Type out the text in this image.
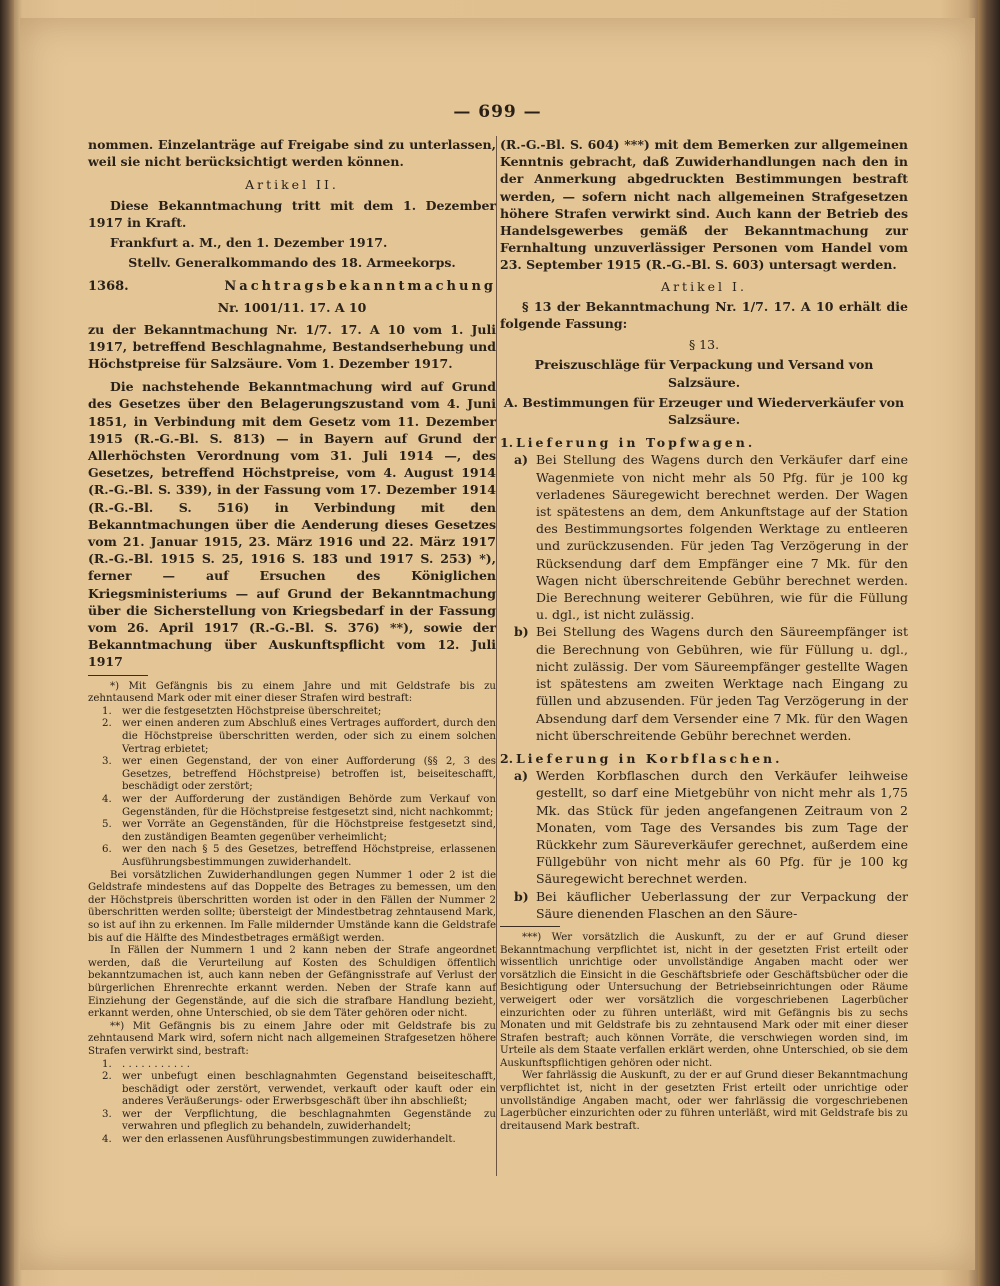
— 699 —

nommen. Einzelanträge auf Freigabe sind zu unterlassen, weil sie nicht berücksichtigt werden können.

Artikel II.

Diese Bekanntmachung tritt mit dem 1. Dezember 1917 in Kraft.

Frankfurt a. M., den 1. Dezember 1917.

Stellv. Generalkommando des 18. Armeekorps.

1368.	Nachtragsbekanntmachung

Nr. 1001/11. 17. A 10

zu der Bekanntmachung Nr. 1/7. 17. A 10 vom 1. Juli 1917, betreffend Beschlagnahme, Bestandserhebung und Höchstpreise für Salzsäure. Vom 1. Dezember 1917.

Die nachstehende Bekanntmachung wird auf Grund des Gesetzes über den Belagerungszustand vom 4. Juni 1851, in Verbindung mit dem Gesetz vom 11. Dezember 1915 (R.-G.-Bl. S. 813) — in Bayern auf Grund der Allerhöchsten Verordnung vom 31. Juli 1914 —, des Gesetzes, betreffend Höchstpreise, vom 4. August 1914 (R.-G.-Bl. S. 339), in der Fassung vom 17. Dezember 1914 (R.-G.-Bl. S. 516) in Verbindung mit den Bekanntmachungen über die Aenderung dieses Gesetzes vom 21. Januar 1915, 23. März 1916 und 22. März 1917 (R.-G.-Bl. 1915 S. 25, 1916 S. 183 und 1917 S. 253) *), ferner — auf Ersuchen des Königlichen Kriegsministeriums — auf Grund der Bekanntmachung über die Sicherstellung von Kriegsbedarf in der Fassung vom 26. April 1917 (R.-G.-Bl. S. 376) **), sowie der Bekanntmachung über Auskunftspflicht vom 12. Juli 1917

*) Mit Gefängnis bis zu einem Jahre und mit Geldstrafe bis zu zehntausend Mark oder mit einer dieser Strafen wird bestraft:

1.	wer die festgesetzten Höchstpreise überschreitet;
2.	wer einen anderen zum Abschluß eines Vertrages auffordert, durch den die Höchstpreise überschritten werden, oder sich zu einem solchen Vertrag erbietet;
3.	wer einen Gegenstand, der von einer Aufforderung (§§ 2, 3 des Gesetzes, betreffend Höchstpreise) betroffen ist, beiseiteschafft, beschädigt oder zerstört;
4.	wer der Aufforderung der zuständigen Behörde zum Verkauf von Gegenständen, für die Höchstpreise festgesetzt sind, nicht nachkommt;
5.	wer Vorräte an Gegenständen, für die Höchstpreise festgesetzt sind, den zuständigen Beamten gegenüber verheimlicht;
6.	wer den nach § 5 des Gesetzes, betreffend Höchstpreise, erlassenen Ausführungsbestimmungen zuwiderhandelt.

Bei vorsätzlichen Zuwiderhandlungen gegen Nummer 1 oder 2 ist die Geldstrafe mindestens auf das Doppelte des Betrages zu bemessen, um den der Höchstpreis überschritten worden ist oder in den Fällen der Nummer 2 überschritten werden sollte; übersteigt der Mindestbetrag zehntausend Mark, so ist auf ihn zu erkennen. Im Falle mildernder Umstände kann die Geldstrafe bis auf die Hälfte des Mindestbetrages ermäßigt werden.

In Fällen der Nummern 1 und 2 kann neben der Strafe angeordnet werden, daß die Verurteilung auf Kosten des Schuldigen öffentlich bekanntzumachen ist, auch kann neben der Gefängnisstrafe auf Verlust der bürgerlichen Ehrenrechte erkannt werden. Neben der Strafe kann auf Einziehung der Gegenstände, auf die sich die strafbare Handlung bezieht, erkannt werden, ohne Unterschied, ob sie dem Täter gehören oder nicht.

**) Mit Gefängnis bis zu einem Jahre oder mit Geldstrafe bis zu zehntausend Mark wird, sofern nicht nach allgemeinen Strafgesetzen höhere Strafen verwirkt sind, bestraft:

1.	. . . . . . . . . . .
2.	wer unbefugt einen beschlagnahmten Gegenstand beiseiteschafft, beschädigt oder zerstört, verwendet, verkauft oder kauft oder ein anderes Veräußerungs- oder Erwerbsgeschäft über ihn abschließt;
3.	wer der Verpflichtung, die beschlagnahmten Gegenstände zu verwahren und pfleglich zu behandeln, zuwiderhandelt;
4.	wer den erlassenen Ausführungsbestimmungen zuwiderhandelt.

(R.-G.-Bl. S. 604) ***) mit dem Bemerken zur allgemeinen Kenntnis gebracht, daß Zuwiderhandlungen nach den in der Anmerkung abgedruckten Bestimmungen bestraft werden, — sofern nicht nach allgemeinen Strafgesetzen höhere Strafen verwirkt sind. Auch kann der Betrieb des Handelsgewerbes gemäß der Bekanntmachung zur Fernhaltung unzuverlässiger Personen vom Handel vom 23. September 1915 (R.-G.-Bl. S. 603) untersagt werden.

Artikel I.

§ 13 der Bekanntmachung Nr. 1/7. 17. A 10 erhält die folgende Fassung:

§ 13.

Preiszuschläge für Verpackung und Versand von Salzsäure.

A. Bestimmungen für Erzeuger und Wiederverkäufer von Salzsäure.

1. Lieferung in Topfwagen.
a) Bei Stellung des Wagens durch den Verkäufer darf eine Wagenmiete von nicht mehr als 50 Pfg. für je 100 kg verladenes Säuregewicht berechnet werden. Der Wagen ist spätestens an dem, dem Ankunftstage auf der Station des Bestimmungsortes folgenden Werktage zu entleeren und zurückzusenden. Für jeden Tag Verzögerung in der Rücksendung darf dem Empfänger eine 7 Mk. für den Wagen nicht überschreitende Gebühr berechnet werden. Die Berechnung weiterer Gebühren, wie für die Füllung u. dgl., ist nicht zulässig.
b) Bei Stellung des Wagens durch den Säureempfänger ist die Berechnung von Gebühren, wie für Füllung u. dgl., nicht zulässig. Der vom Säureempfänger gestellte Wagen ist spätestens am zweiten Werktage nach Eingang zu füllen und abzusenden. Für jeden Tag Verzögerung in der Absendung darf dem Versender eine 7 Mk. für den Wagen nicht überschreitende Gebühr berechnet werden.
2. Lieferung in Korbflaschen.
a) Werden Korbflaschen durch den Verkäufer leihweise gestellt, so darf eine Mietgebühr von nicht mehr als 1,75 Mk. das Stück für jeden angefangenen Zeitraum von 2 Monaten, vom Tage des Versandes bis zum Tage der Rückkehr zum Säureverkäufer gerechnet, außerdem eine Füllgebühr von nicht mehr als 60 Pfg. für je 100 kg Säuregewicht berechnet werden.
b) Bei käuflicher Ueberlassung der zur Verpackung der Säure dienenden Flaschen an den Säure-

***) Wer vorsätzlich die Auskunft, zu der er auf Grund dieser Bekanntmachung verpflichtet ist, nicht in der gesetzten Frist erteilt oder wissentlich unrichtige oder unvollständige Angaben macht oder wer vorsätzlich die Einsicht in die Geschäftsbriefe oder Geschäftsbücher oder die Besichtigung oder Untersuchung der Betriebseinrichtungen oder Räume verweigert oder wer vorsätzlich die vorgeschriebenen Lagerbücher einzurichten oder zu führen unterläßt, wird mit Gefängnis bis zu sechs Monaten und mit Geldstrafe bis zu zehntausend Mark oder mit einer dieser Strafen bestraft; auch können Vorräte, die verschwiegen worden sind, im Urteile als dem Staate verfallen erklärt werden, ohne Unterschied, ob sie dem Auskunftspflichtigen gehören oder nicht.

Wer fahrlässig die Auskunft, zu der er auf Grund dieser Bekanntmachung verpflichtet ist, nicht in der gesetzten Frist erteilt oder unrichtige oder unvollständige Angaben macht, oder wer fahrlässig die vorgeschriebenen Lagerbücher einzurichten oder zu führen unterläßt, wird mit Geldstrafe bis zu dreitausend Mark bestraft.
